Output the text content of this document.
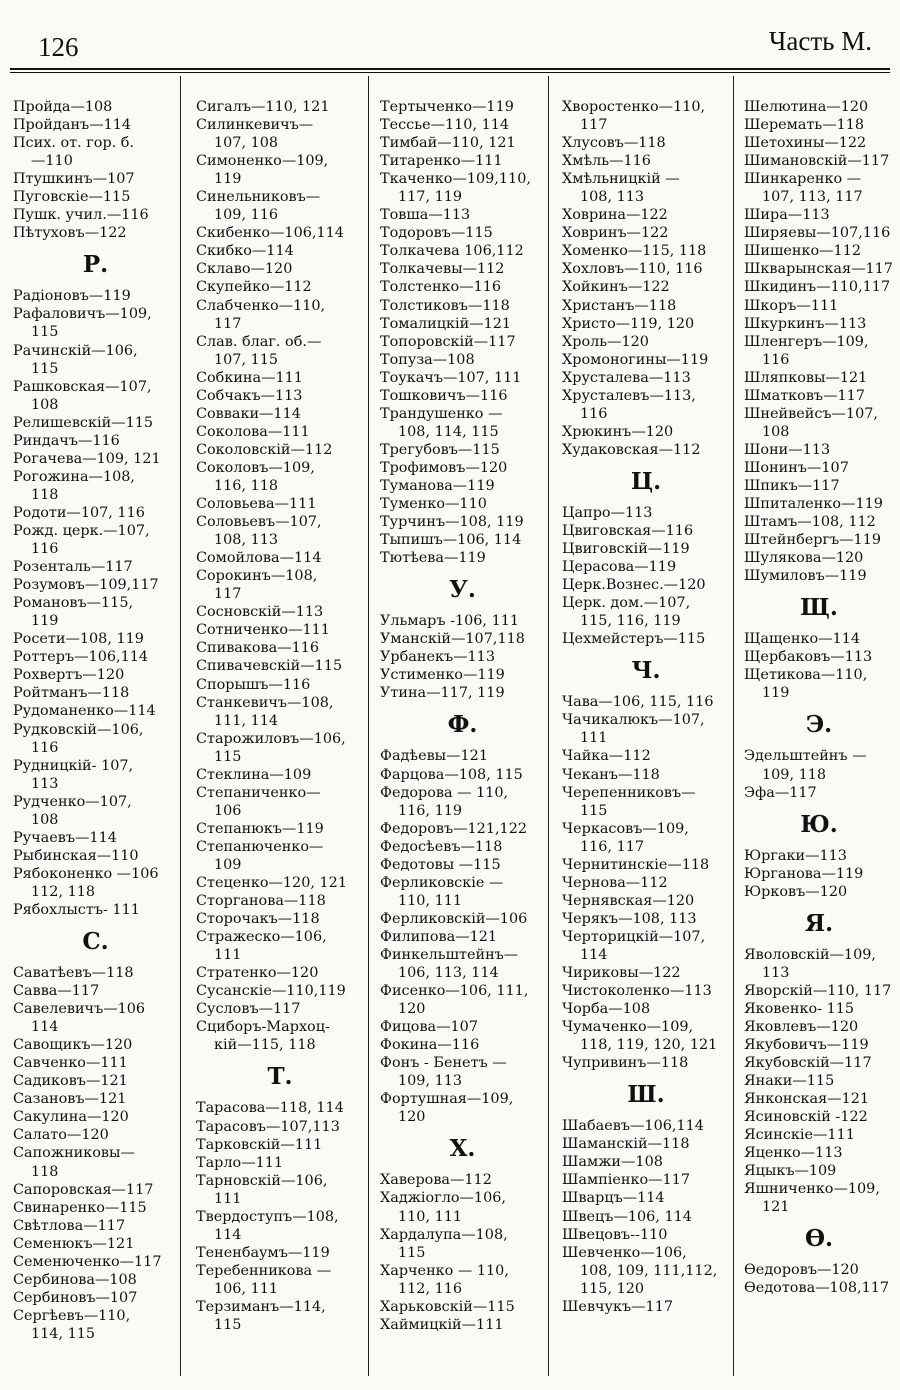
126	Часть M.
Пройда—108
Пройданъ—114
Псих. от. гор. б.
—110
Птушкинъ—107
Пуговскіе—115
Пушк. учил.—116
Пѣтуховъ—122
Р.
Радіоновъ—119
Рафаловичъ—109,
115
Рачинскій—106,
115
Рашковская—107,
108
Релишевскій—115
Риндачъ—116
Рогачева—109, 121
Рогожина—108,
118
Родоти—107, 116
Рожд. церк.—107,
116
Розенталь—117
Розумовъ—109,117
Романовъ—115,
119
Росети—108, 119
Роттеръ—106,114
Рохвертъ—120
Ройтманъ—118
Рудоманенко—114
Рудковскій—106,
116
Рудницкій- 107,
113
Рудченко—107,
108
Ручаевъ—114
Рыбинская—110
Рябоконенко —106
112, 118
Рябохлыстъ- 111
С.
Саватѣевъ—118
Савва—117
Савелевичъ—106
114
Савощикъ—120
Савченко—111
Садиковъ—121
Сазановъ—121
Сакулина—120
Салато—120
Сапожниковы—
118
Сапоровская—117
Свинаренко—115
Свѣтлова—117
Семенюкъ—121
Семенюченко—117
Сербинова—108
Сербиновъ—107
Сергѣевъ—110,
114, 115
Сигалъ—110, 121
Силинкевичъ—
107, 108
Симоненко—109,
119
Синельниковъ—
109, 116
Скибенко—106,114
Скибко—114
Склаво—120
Скупейко—112
Слабченко—110,
117
Слав. благ. об.—
107, 115
Собкина—111
Собчакъ—113
Совваки—114
Сокoлова—111
Соколовскій—112
Соколовъ—109,
116, 118
Соловьева—111
Соловьевъ—107,
108, 113
Сомойлова—114
Сорокинъ—108,
117
Сосновскій—113
Сотниченко—111
Спивакова—116
Спивачевскій—115
Спорышъ—116
Станкевичъ—108,
111, 114
Старожиловъ—106,
115
Стеклина—109
Степаниченко—
106
Степанюкъ—119
Степанюченко—
109
Стеценко—120, 121
Сторганова—118
Сторочакъ—118
Стражеско—106,
111
Стратенко—120
Сусанскіе—110,119
Сусловъ—117
Сциборъ-Мархоц-
кій—115, 118
Т.
Тарасова—118, 114
Тарасовъ—107,113
Тарковскій—111
Тарло—111
Тарновскій—106,
111
Твердоступъ—108,
114
Тененбаумъ—119
Теребенникова —
106, 111
Терзиманъ—114,
115
Тертыченко—119
Тессье—110, 114
Тимбай—110, 121
Титаренко—111
Ткаченко—109,110,
117, 119
Товша—113
Тодоровъ—115
Толкачева 106,112
Толкачевы—112
Толстенко—116
Толстиковъ—118
Томалицкій—121
Топоровскій—117
Топуза—108
Тоукачъ—107, 111
Тошковичъ—116
Трандушенко —
108, 114, 115
Трегубовъ—115
Трофимовъ—120
Туманова—119
Туменко—110
Турчинъ—108, 119
Тыпишъ—106, 114
Тютѣева—119
У.
Ульмаръ -106, 111
Уманскій—107,118
Урбанекъ—113
Устименко—119
Утина—117, 119
Ф.
Фадѣевы—121
Фарцова—108, 115
Федорова — 110,
116, 119
Федоровъ—121,122
Федосѣевъ—118
Федотовы —115
Ферликовскіе —
110, 111
Ферликовскій—106
Филипова—121
Финкельштейнъ—
106, 113, 114
Фисенко—106, 111,
120
Фицова—107
Фокина—116
Фонъ - Бенетъ —
109, 113
Фортушная—109,
120
X.
Хаверова—112
Хаджіогло—106,
110, 111
Хардалупа—108,
115
Харченко — 110,
112, 116
Харьковскій—115
Хаймицкій—111
Хворостенко—110,
117
Хлусовъ—118
Хмѣль—116
Хмѣльницкій —
108, 113
Ховрина—122
Ховринъ—122
Хоменко—115, 118
Хохловъ—110, 116
Хойкинъ—122
Христанъ—118
Христо—119, 120
Хроль—120
Хромоногины—119
Хрусталева—113
Хрусталевъ—113,
116
Хрюкинъ—120
Худаковская—112
Ц.
Цапро—113
Цвиговская—116
Цвиговскій—119
Церасова—119
Церк.Вознес.—120
Церк. дом.—107,
115, 116, 119
Цехмейстеръ—115
Ч.
Чава—106, 115, 116
Чачикалюкъ—107,
111
Чайка—112
Чеканъ—118
Черепенниковъ—
115
Черкасовъ—109,
116, 117
Чернитинскіе—118
Чернова—112
Чернявская—120
Черякъ—108, 113
Черторицкій—107,
114
Чириковы—122
Чистоколенко—113
Чорба—108
Чумаченко—109,
118, 119, 120, 121
Чупривинъ—118
Ш.
Шабаевъ—106,114
Шаманскій—118
Шамжи—108
Шампіенко—117
Шварцъ—114
Швецъ—106, 114
Швецовъ--110
Шевченко—106,
108, 109, 111,112,
115, 120
Шевчукъ—117
Шелютина—120
Шеремать—118
Шетохины—122
Шимановскій—117
Шинкаренко —
107, 113, 117
Шира—113
Ширяевы—107,116
Шишенко—112
Шкварынская—117
Шкидинъ—110,117
Шкоръ—111
Шкуркинъ—113
Шленгеръ—109,
116
Шляпковы—121
Шматковъ—117
Шнейвейсъ—107,
108
Шони—113
Шонинъ—107
Шпикъ—117
Шпиталенко—119
Штамъ—108, 112
Штейнбергъ—119
Шулякова—120
Шумиловъ—119
Щ.
Щащенко—114
Щербаковъ—113
Щетикова—110,
119
Э.
Эдельштейнъ —
109, 118
Эфа—117
Ю.
Юргаки—113
Юрганова—119
Юрковъ—120
Я.
Яволовскій—109,
113
Яворскій—110, 117
Яковенко- 115
Яковлевъ—120
Якубовичъ—119
Якубовскій—117
Янаки—115
Янконская—121
Ясиновскій -122
Ясинскіе—111
Яценко—113
Яцыкъ—109
Яшниченко—109,
121
Ѳ.
Ѳедоровъ—120
Ѳедотова—108,117
